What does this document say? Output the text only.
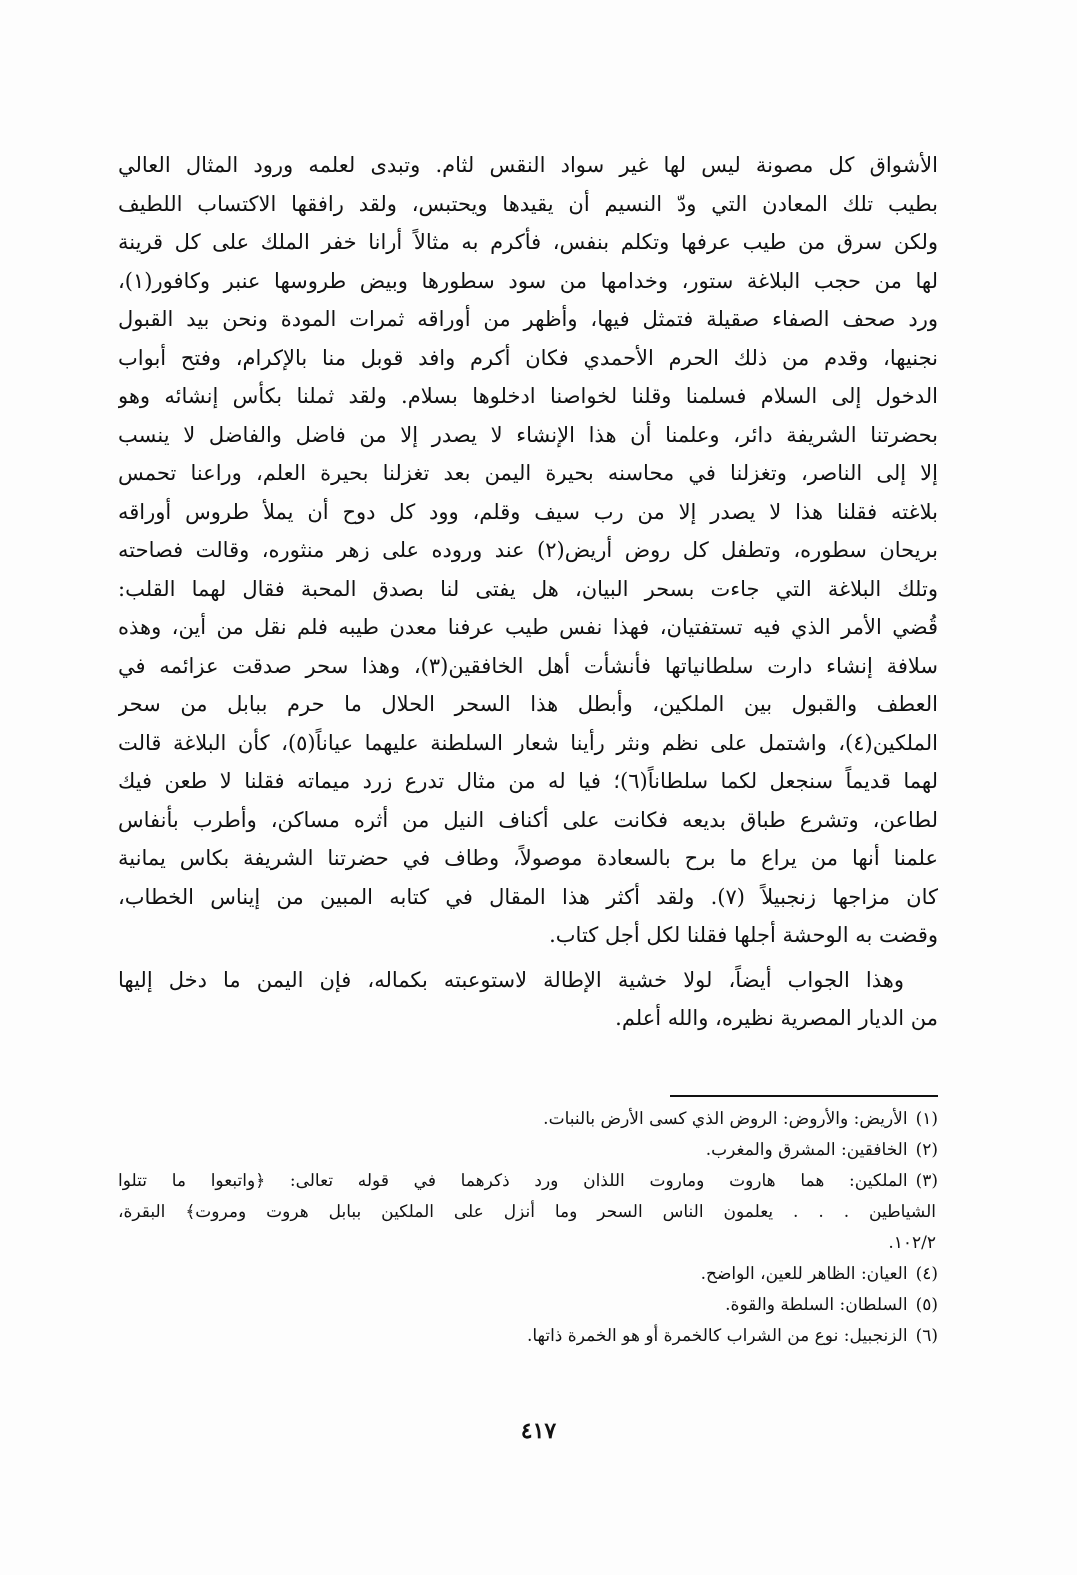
الأشواق كل مصونة ليس لها غير سواد النقس لثام. وتبدى لعلمه ورود المثال العالي
بطيب تلك المعادن التي ودّ النسيم أن يقيدها ويحتبس، ولقد رافقها الاكتساب اللطيف
ولكن سرق من طيب عرفها وتكلم بنفس، فأكرم به مثالاً أرانا خفر الملك على كل قرينة
لها من حجب البلاغة ستور، وخدامها من سود سطورها وبيض طروسها عنبر وكافور(١)،
ورد صحف الصفاء صقيلة فتمثل فيها، وأظهر من أوراقه ثمرات المودة ونحن بيد القبول
نجنيها، وقدم من ذلك الحرم الأحمدي فكان أكرم وافد قوبل منا بالإكرام، وفتح أبواب
الدخول إلى السلام فسلمنا وقلنا لخواصنا ادخلوها بسلام. ولقد ثملنا بكأس إنشائه وهو
بحضرتنا الشريفة دائر، وعلمنا أن هذا الإنشاء لا يصدر إلا من فاضل والفاضل لا ينسب
إلا إلى الناصر، وتغزلنا في محاسنه بحيرة اليمن بعد تغزلنا بحيرة العلم، وراعنا تحمس
بلاغته فقلنا هذا لا يصدر إلا من رب سيف وقلم، وود كل دوح أن يملأ طروس أوراقه
بريحان سطوره، وتطفل كل روض أريض(٢) عند وروده على زهر منثوره، وقالت فصاحته
وتلك البلاغة التي جاءت بسحر البيان، هل يفتى لنا بصدق المحبة فقال لهما القلب:
قُضي الأمر الذي فيه تستفتيان، فهذا نفس طيب عرفنا معدن طيبه فلم نقل من أين، وهذه
سلافة إنشاء دارت سلطانياتها فأنشأت أهل الخافقين(٣)، وهذا سحر صدقت عزائمه في
العطف والقبول بين الملكين، وأبطل هذا السحر الحلال ما حرم ببابل من سحر
الملكين(٤)، واشتمل على نظم ونثر رأينا شعار السلطنة عليهما عياناً(٥)، كأن البلاغة قالت
لهما قديماً سنجعل لكما سلطاناً(٦)؛ فيا له من مثال تدرع زرد ميماته فقلنا لا طعن فيك
لطاعن، وتشرع طباق بديعه فكانت على أكناف النيل من أثره مساكن، وأطرب بأنفاس
علمنا أنها من يراع ما برح بالسعادة موصولاً، وطاف في حضرتنا الشريفة بكاس يمانية
كان مزاجها زنجبيلاً (٧). ولقد أكثر هذا المقال في كتابه المبين من إيناس الخطاب،
وقضت به الوحشة أجلها فقلنا لكل أجل كتاب.
وهذا الجواب أيضاً، لولا خشية الإطالة لاستوعبته بكماله، فإن اليمن ما دخل إليها
من الديار المصرية نظيره، والله أعلم.
(١)الأريض: والأروض: الروض الذي كسى الأرض بالنبات.
(٢)الخافقين: المشرق والمغرب.
(٣)الملكين: هما هاروت وماروت اللذان ورد ذكرهما في قوله تعالى: ﴿واتبعوا ما تتلوا
الشياطين . . . يعلمون الناس السحر وما أنزل على الملكين ببابل هروت ومروت﴾ البقرة،
١٠٢/٢.
(٤)العيان: الظاهر للعين، الواضح.
(٥)السلطان: السلطة والقوة.
(٦)الزنجبيل: نوع من الشراب كالخمرة أو هو الخمرة ذاتها.
٤١٧
